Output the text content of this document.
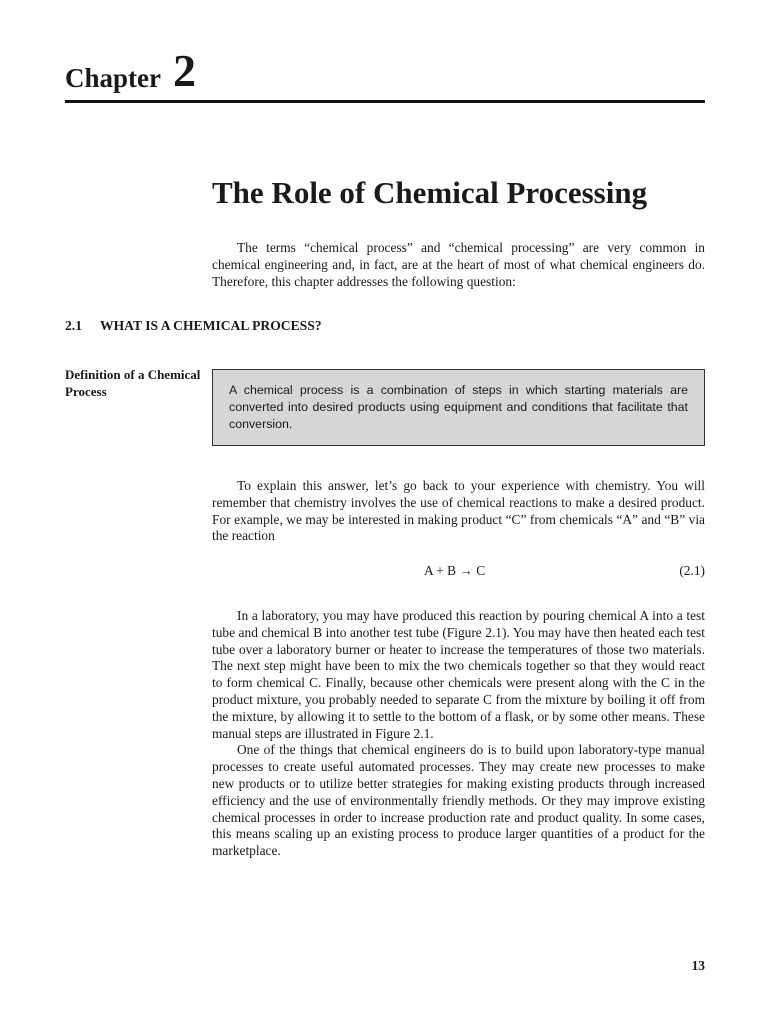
Chapter 2
The Role of Chemical Processing

The terms “chemical process” and “chemical processing” are very common in chemical engineering and, in fact, are at the heart of most of what chemical engineers do. Therefore, this chapter addresses the following question:

2.1 WHAT IS A CHEMICAL PROCESS?
Definition of a Chemical Process	A chemical process is a combination of steps in which starting materials are converted into desired products using equipment and conditions that facilitate that conversion.

To explain this answer, let’s go back to your experience with chemistry. You will remember that chemistry involves the use of chemical reactions to make a desired product. For example, we may be interested in making product “C” from chemicals “A” and “B” via the reaction

A + B → C	(2.1)

In a laboratory, you may have produced this reaction by pouring chemical A into a test tube and chemical B into another test tube (Figure 2.1). You may have then heated each test tube over a laboratory burner or heater to increase the temperatures of those two materials. The next step might have been to mix the two chemicals together so that they would react to form chemical C. Finally, because other chemicals were present along with the C in the product mixture, you probably needed to separate C from the mixture by boiling it off from the mixture, by allowing it to settle to the bottom of a flask, or by some other means. These manual steps are illustrated in Figure 2.1.

One of the things that chemical engineers do is to build upon laboratory-type manual processes to create useful automated processes. They may create new processes to make new products or to utilize better strategies for making existing products through increased efficiency and the use of environmentally friendly methods. Or they may improve existing chemical processes in order to increase production rate and product quality. In some cases, this means scaling up an existing process to produce larger quantities of a product for the marketplace.

13
